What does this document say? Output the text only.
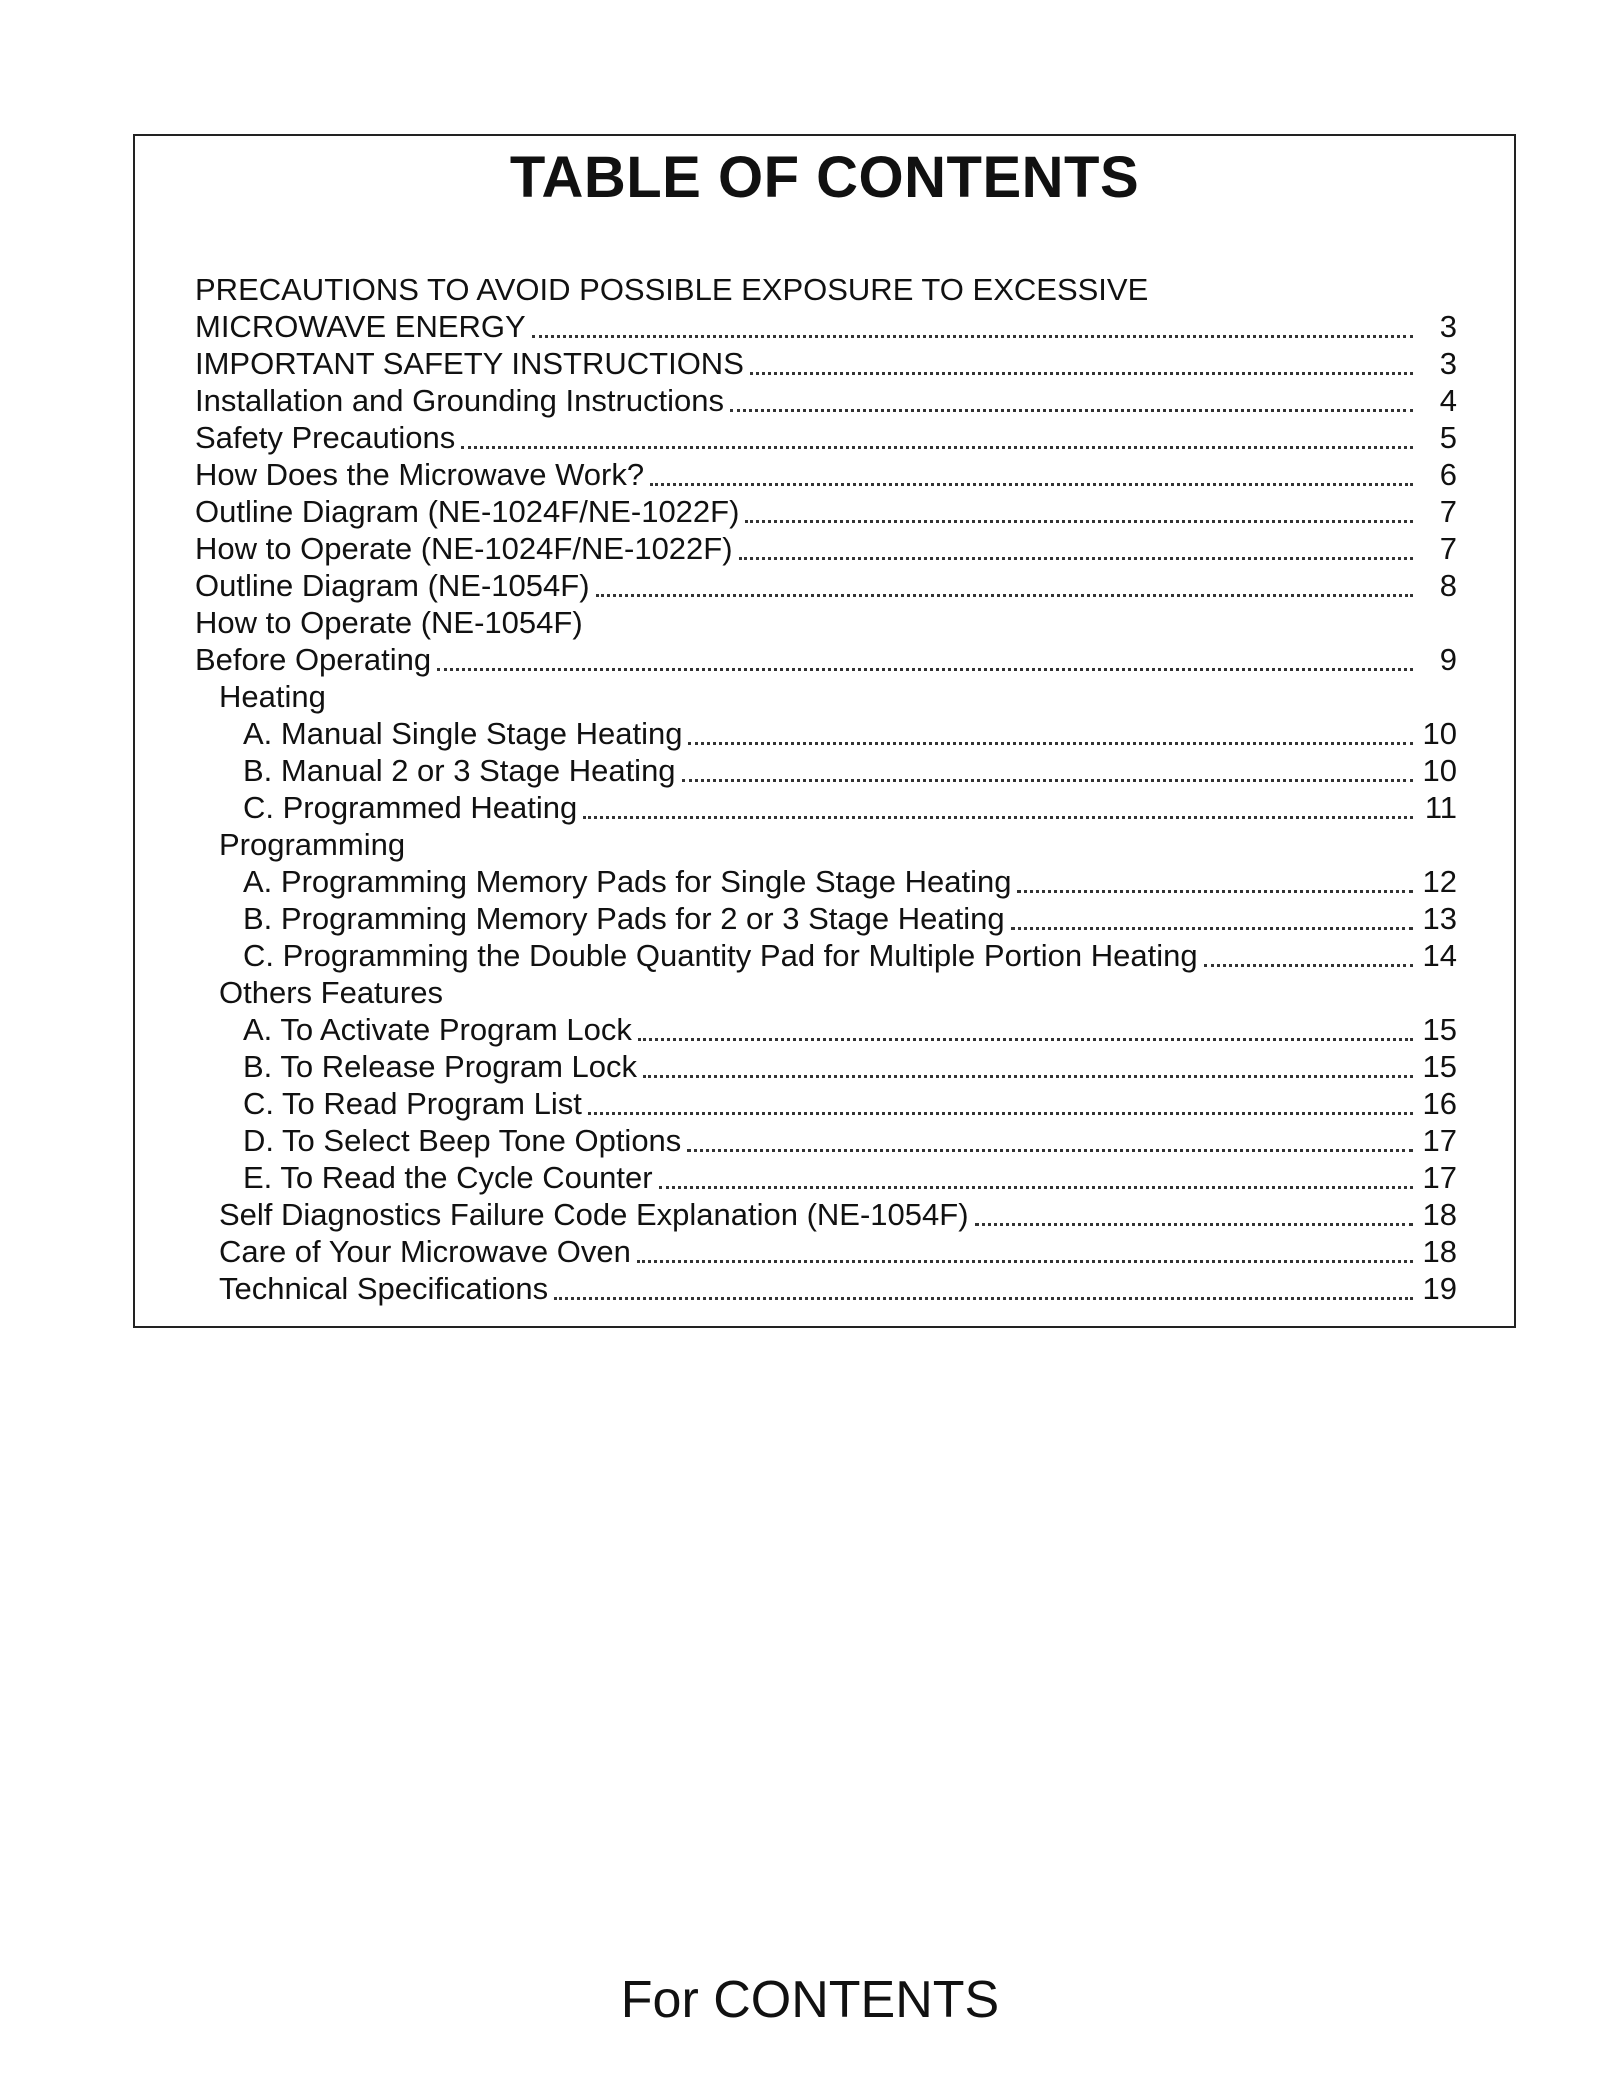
TABLE OF CONTENTS
PRECAUTIONS TO AVOID POSSIBLE EXPOSURE TO EXCESSIVE
MICROWAVE ENERGY	3
IMPORTANT SAFETY INSTRUCTIONS	3
Installation and Grounding Instructions	4
Safety Precautions	5
How Does the Microwave Work?	6
Outline Diagram (NE-1024F/NE-1022F)	7
How to Operate (NE-1024F/NE-1022F)	7
Outline Diagram (NE-1054F)	8
How to Operate (NE-1054F)
Before Operating	9
Heating
A. Manual Single Stage Heating	10
B. Manual 2 or 3 Stage Heating	10
C. Programmed Heating	11
Programming
A. Programming Memory Pads for Single Stage Heating	12
B. Programming Memory Pads for 2 or 3 Stage Heating	13
C. Programming the Double Quantity Pad for Multiple Portion Heating	14
Others Features
A. To Activate Program Lock	15
B. To Release Program Lock	15
C. To Read Program List	16
D. To Select Beep Tone Options	17
E. To Read the Cycle Counter	17
Self Diagnostics Failure Code Explanation (NE-1054F)	18
Care of Your Microwave Oven	18
Technical Specifications	19
For CONTENTS
